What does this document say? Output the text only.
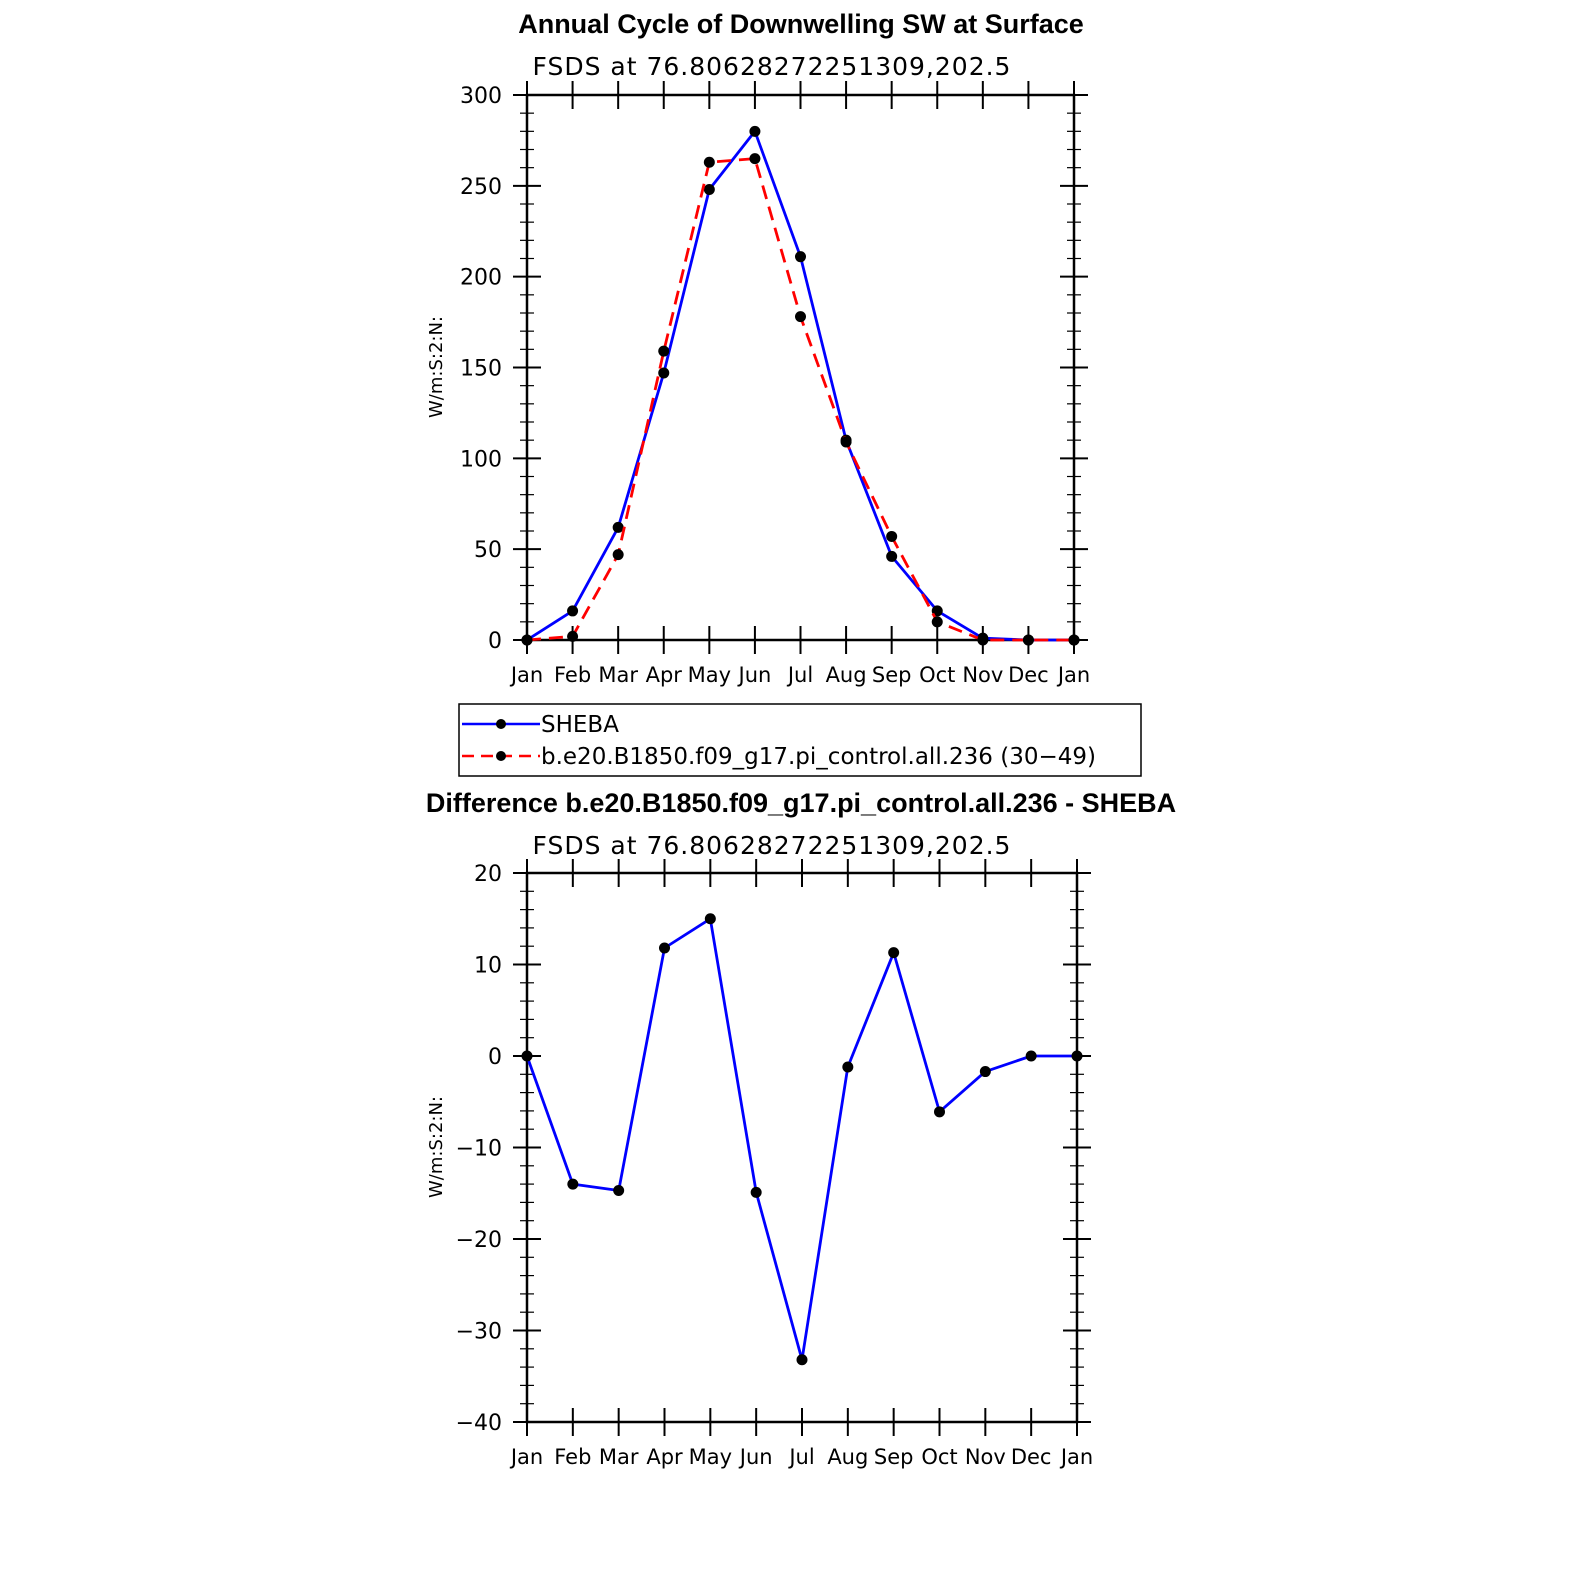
Annual Cycle of Downwelling SW at Surface
FSDS at 76.80628272251309,202.5
W/m:S:2:N:
0
50
100
150
200
250
300
Jan Feb Mar Apr May Jun Jul Aug Sep Oct Nov Dec Jan
SHEBA
b.e20.B1850.f09_g17.pi_control.all.236 (30−49)
Difference b.e20.B1850.f09_g17.pi_control.all.236 - SHEBA
FSDS at 76.80628272251309,202.5
W/m:S:2:N:
−40
−30
−20
−10
0
10
20
Jan Feb Mar Apr May Jun Jul Aug Sep Oct Nov Dec Jan
